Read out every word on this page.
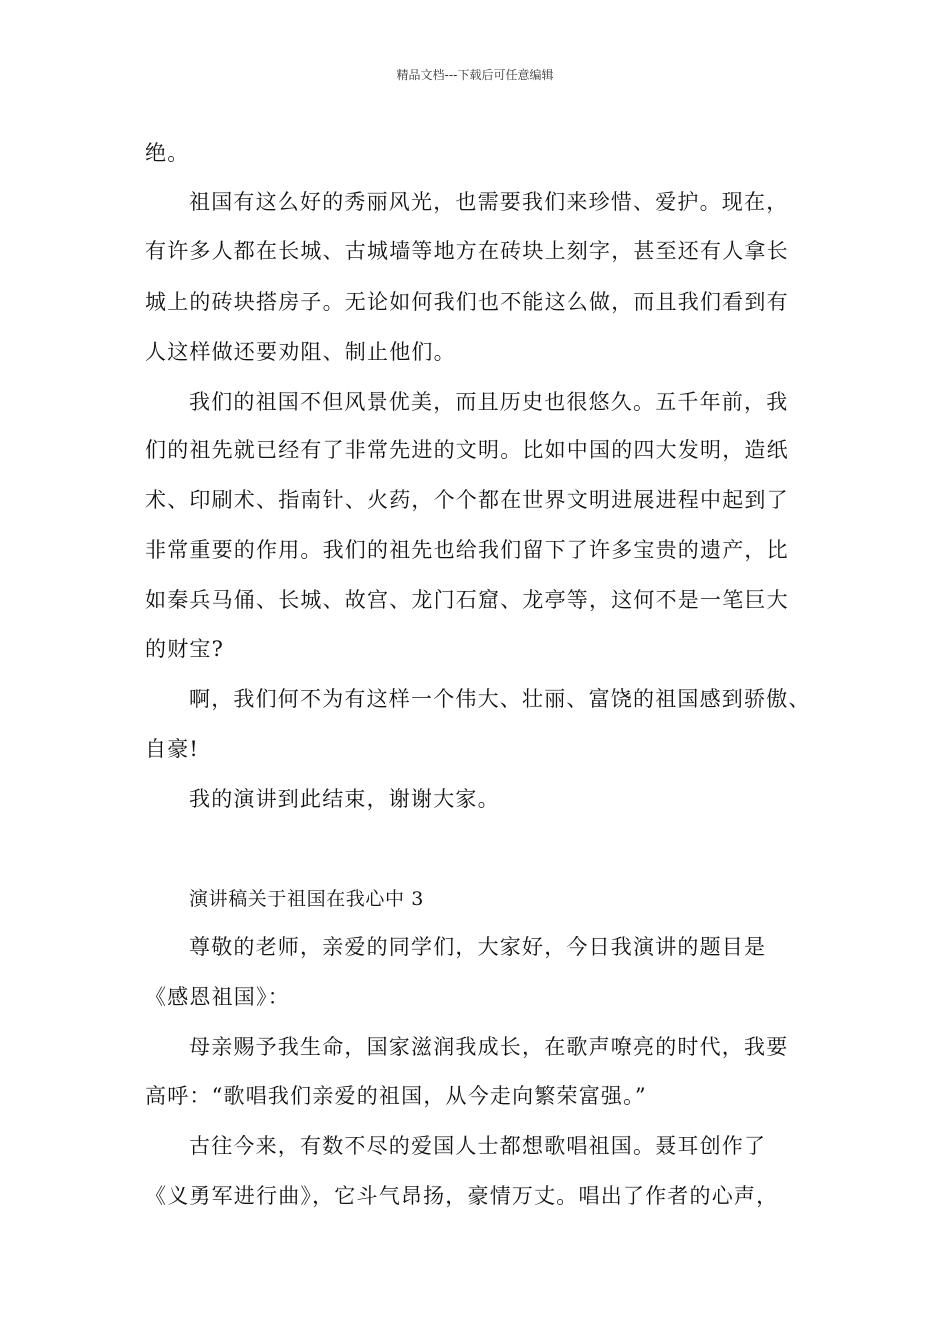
精品文档---下载后可任意编辑
绝。
祖国有这么好的秀丽风光，也需要我们来珍惜、爱护。现在，
有许多人都在长城、古城墙等地方在砖块上刻字，甚至还有人拿长
城上的砖块搭房子。无论如何我们也不能这么做，而且我们看到有
人这样做还要劝阻、制止他们。
我们的祖国不但风景优美，而且历史也很悠久。五千年前，我
们的祖先就已经有了非常先进的文明。比如中国的四大发明，造纸
术、印刷术、指南针、火药，个个都在世界文明进展进程中起到了
非常重要的作用。我们的祖先也给我们留下了许多宝贵的遗产，比
如秦兵马俑、长城、故宫、龙门石窟、龙亭等，这何不是一笔巨大
的财宝?
啊，我们何不为有这样一个伟大、壮丽、富饶的祖国感到骄傲、
自豪!
我的演讲到此结束，谢谢大家。
演讲稿关于祖国在我心中 3
尊敬的老师，亲爱的同学们，大家好，今日我演讲的题目是
《感恩祖国》：
母亲赐予我生命，国家滋润我成长，在歌声嘹亮的时代，我要
高呼：“歌唱我们亲爱的祖国，从今走向繁荣富强。”
古往今来，有数不尽的爱国人士都想歌唱祖国。聂耳创作了
《义勇军进行曲》，它斗气昂扬，豪情万丈。唱出了作者的心声，
